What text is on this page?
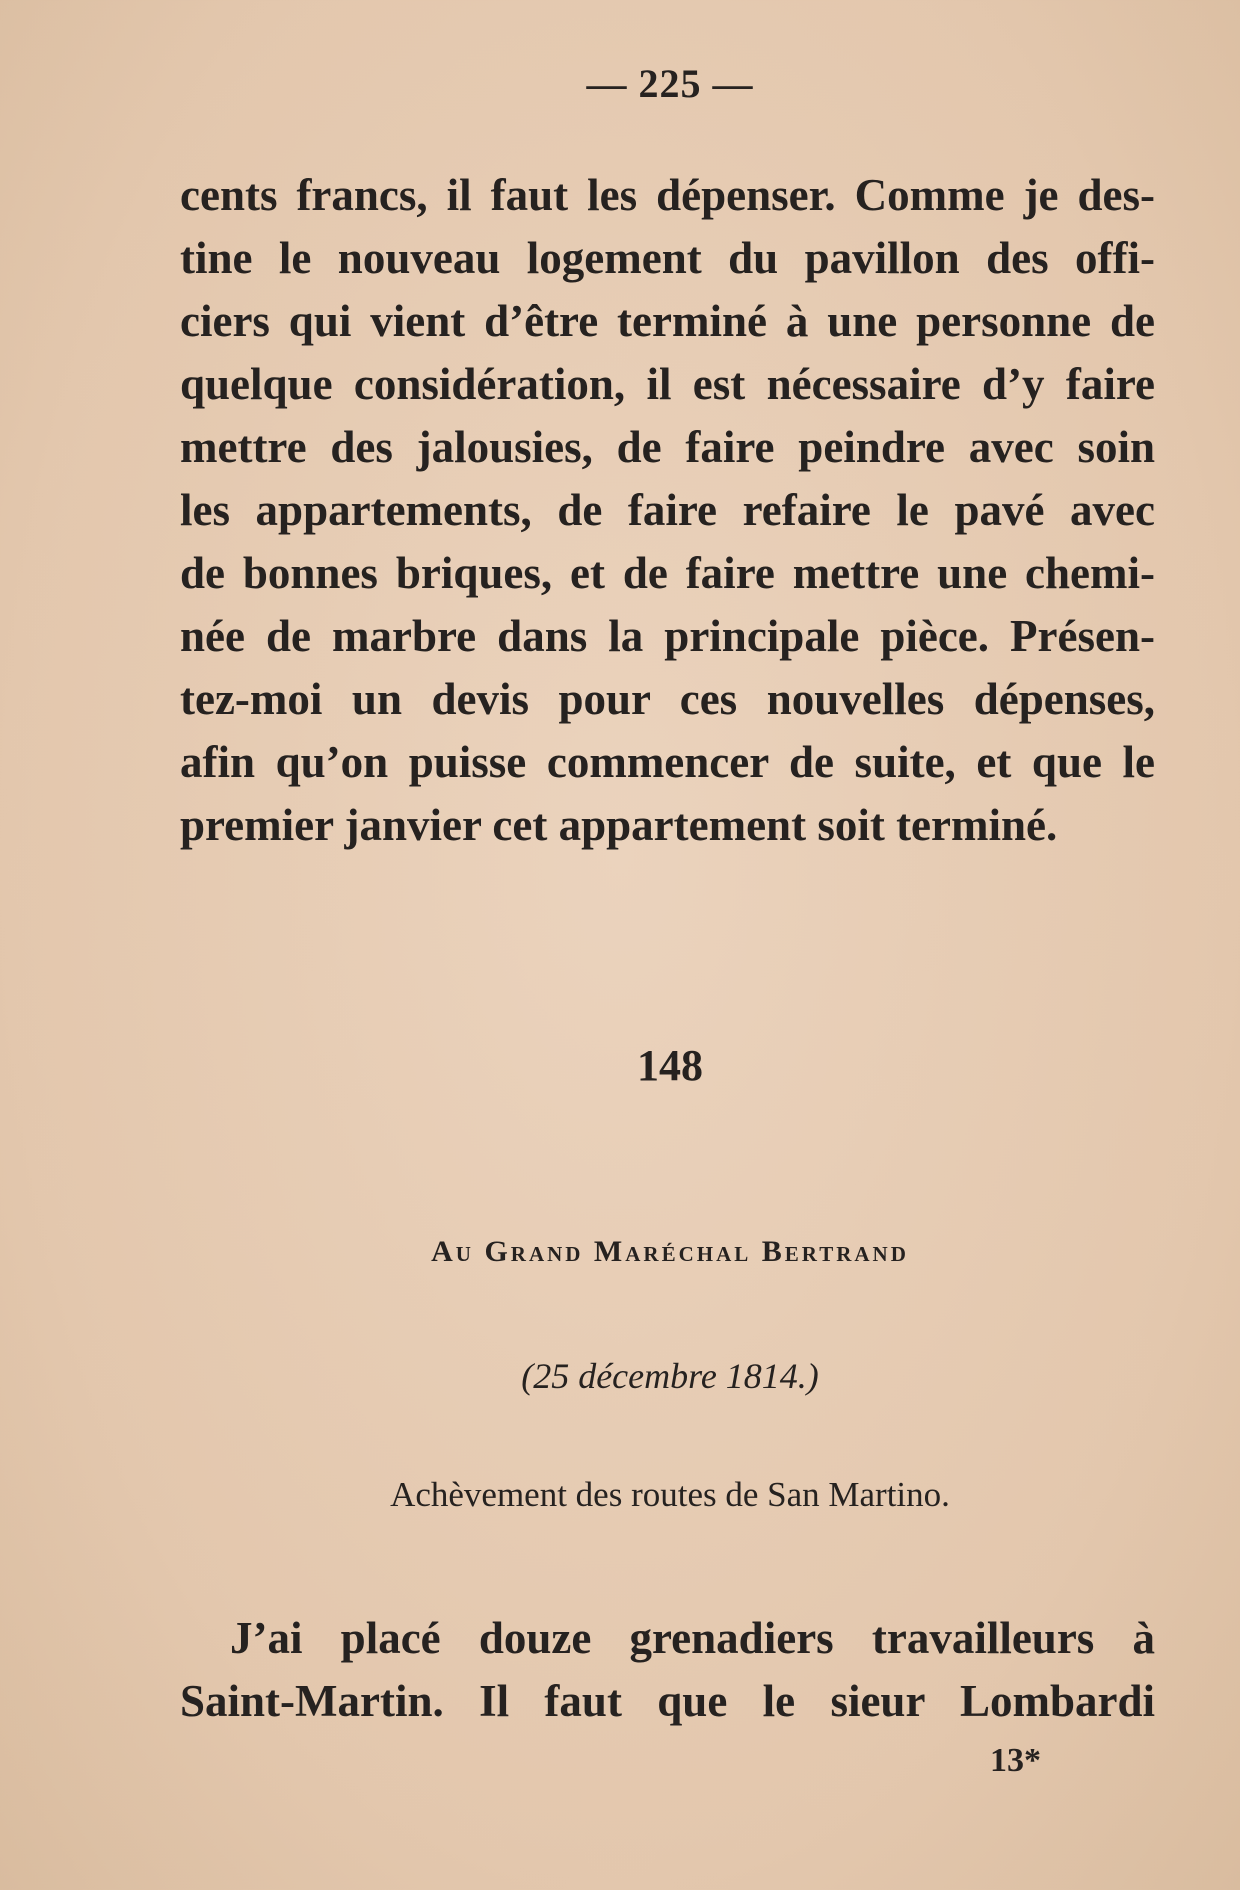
— 225 —
cents francs, il faut les dépenser. Comme je des-
tine le nouveau logement du pavillon des offi-
ciers qui vient d’être terminé à une personne de
quelque considération, il est nécessaire d’y faire
mettre des jalousies, de faire peindre avec soin
les appartements, de faire refaire le pavé avec
de bonnes briques, et de faire mettre une chemi-
née de marbre dans la principale pièce. Présen-
tez-moi un devis pour ces nouvelles dépenses,
afin qu’on puisse commencer de suite, et que le
premier janvier cet appartement soit terminé.
148
Au Grand Maréchal Bertrand
(25 décembre 1814.)
Achèvement des routes de San Martino.
J’ai placé douze grenadiers travailleurs à
Saint-Martin. Il faut que le sieur Lombardi
13*
